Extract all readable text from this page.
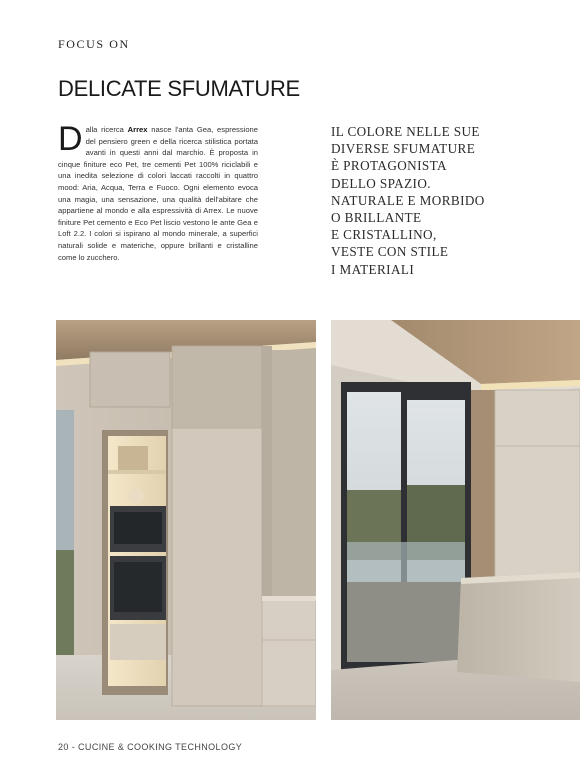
FOCUS ON
DELICATE SFUMATURE
Dalla ricerca Arrex nasce l'anta Gea, espressione del pensiero green e della ricerca stilistica portata avanti in questi anni dal marchio. È proposta in cinque finiture eco Pet, tre cementi Pet 100% riciclabili e una inedita selezione di colori laccati raccolti in quattro mood: Aria, Acqua, Terra e Fuoco. Ogni elemento evoca una magia, una sensazione, una qualità dell'abitare che appartiene al mondo e alla espressività di Arrex. Le nuove finiture Pet cemento e Eco Pet liscio vestono le ante Gea e Loft 2.2. I colori si ispirano al mondo minerale, a superfici naturali solide e materiche, oppure brillanti e cristalline come lo zucchero.
IL COLORE NELLE SUE
DIVERSE SFUMATURE
È PROTAGONISTA
DELLO SPAZIO.
NATURALE E MORBIDO
O BRILLANTE
E CRISTALLINO,
VESTE CON STILE
I MATERIALI
20 - CUCINE & COOKING TECHNOLOGY
